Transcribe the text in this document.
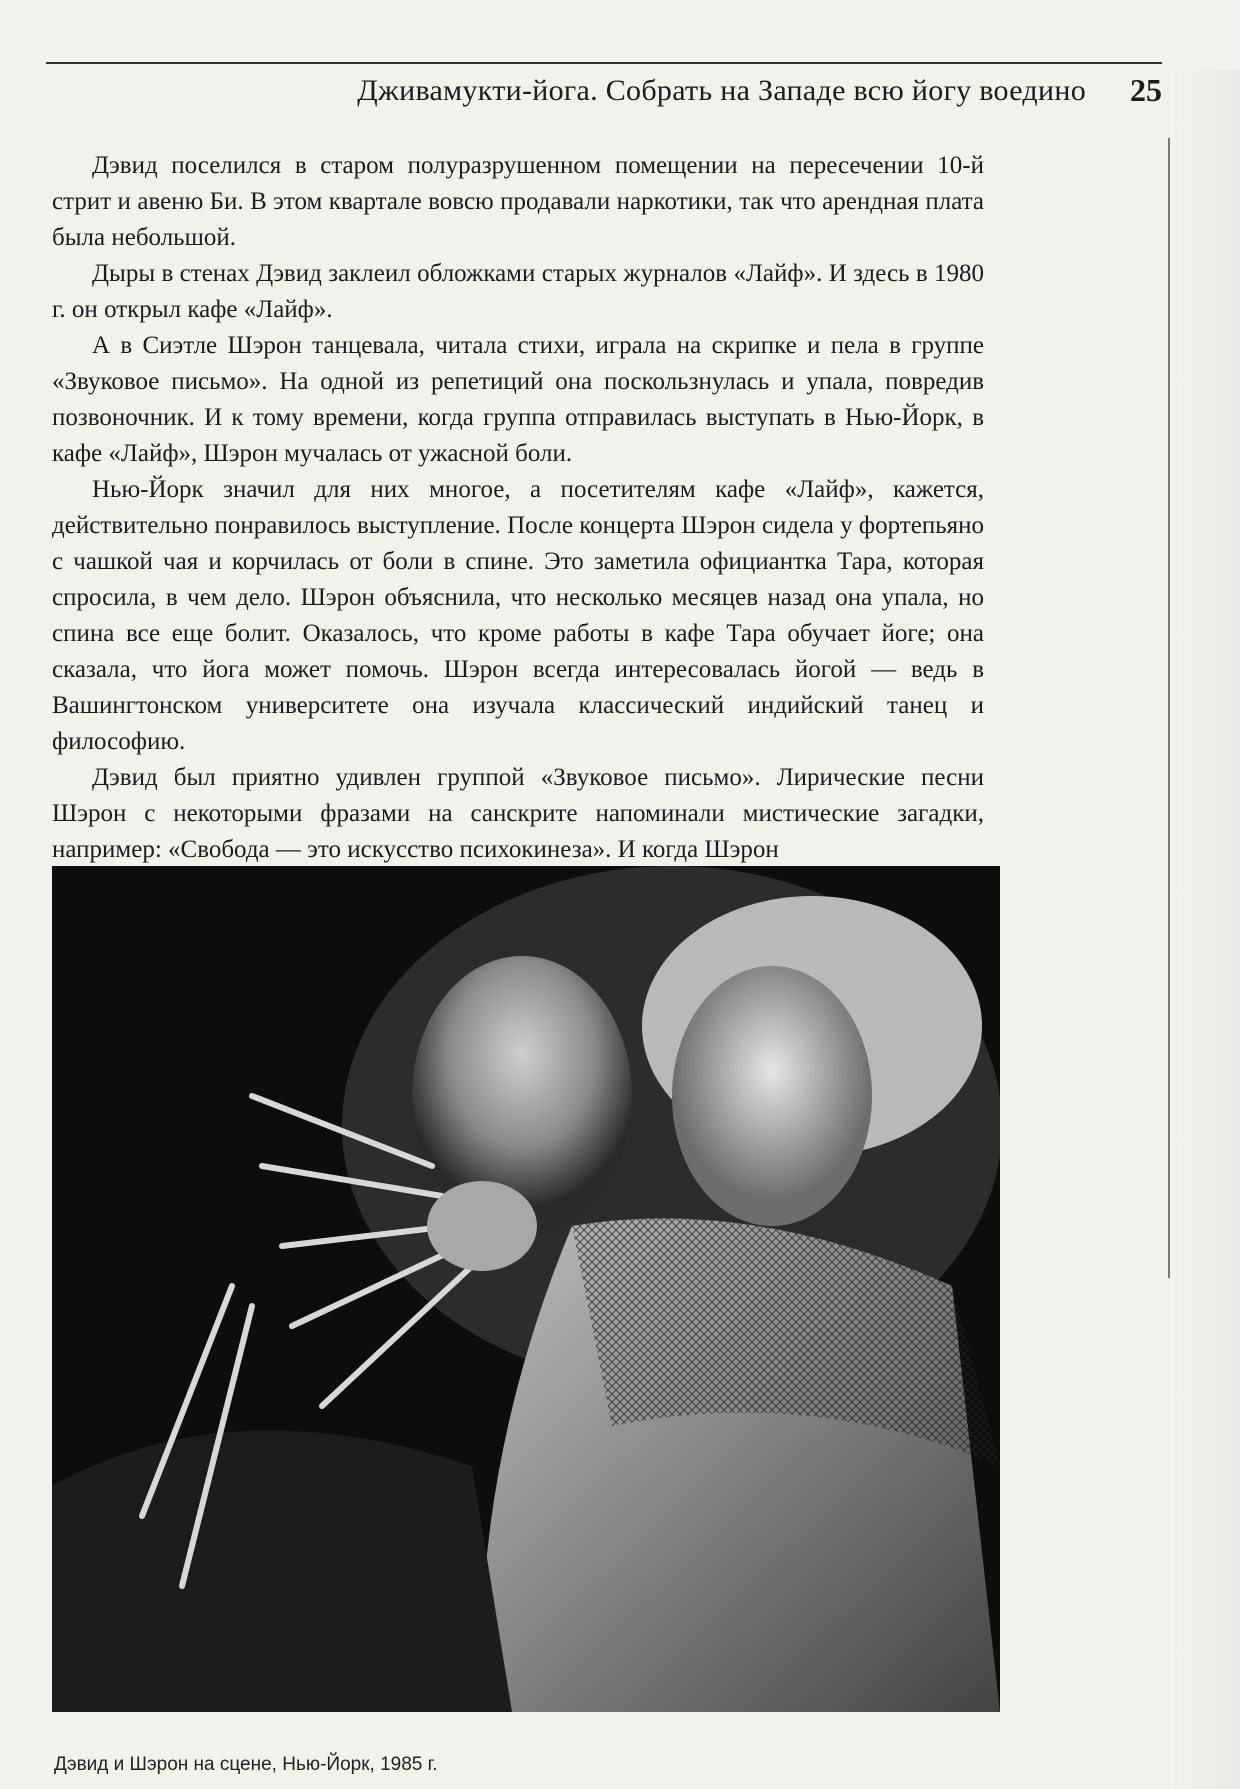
Дживамукти-йога. Собрать на Западе всю йогу воедино 25

Дэвид поселился в старом полуразрушенном помещении на пересечении 10-й стрит и авеню Би. В этом квартале вовсю продавали наркотики, так что арендная плата была небольшой.

Дыры в стенах Дэвид заклеил обложками старых журналов «Лайф». И здесь в 1980 г. он открыл кафе «Лайф».

А в Сиэтле Шэрон танцевала, читала стихи, играла на скрипке и пела в группе «Звуковое письмо». На одной из репетиций она поскользнулась и упала, повредив позвоночник. И к тому времени, когда группа отправилась выступать в Нью-Йорк, в кафе «Лайф», Шэрон мучалась от ужасной боли.

Нью-Йорк значил для них многое, а посетителям кафе «Лайф», кажется, действительно понравилось выступление. После концерта Шэрон сидела у фортепьяно с чашкой чая и корчилась от боли в спине. Это заметила официантка Тара, которая спросила, в чем дело. Шэрон объяснила, что несколько месяцев назад она упала, но спина все еще болит. Оказалось, что кроме работы в кафе Тара обучает йоге; она сказала, что йога может помочь. Шэрон всегда интересовалась йогой — ведь в Вашингтонском университете она изучала классический индийский танец и философию.

Дэвид был приятно удивлен группой «Звуковое письмо». Лирические песни Шэрон с некоторыми фразами на санскрите напоминали мистические загадки, например: «Свобода — это искусство психокинеза». И когда Шэрон

Дэвид и Шэрон на сцене, Нью-Йорк, 1985 г.
